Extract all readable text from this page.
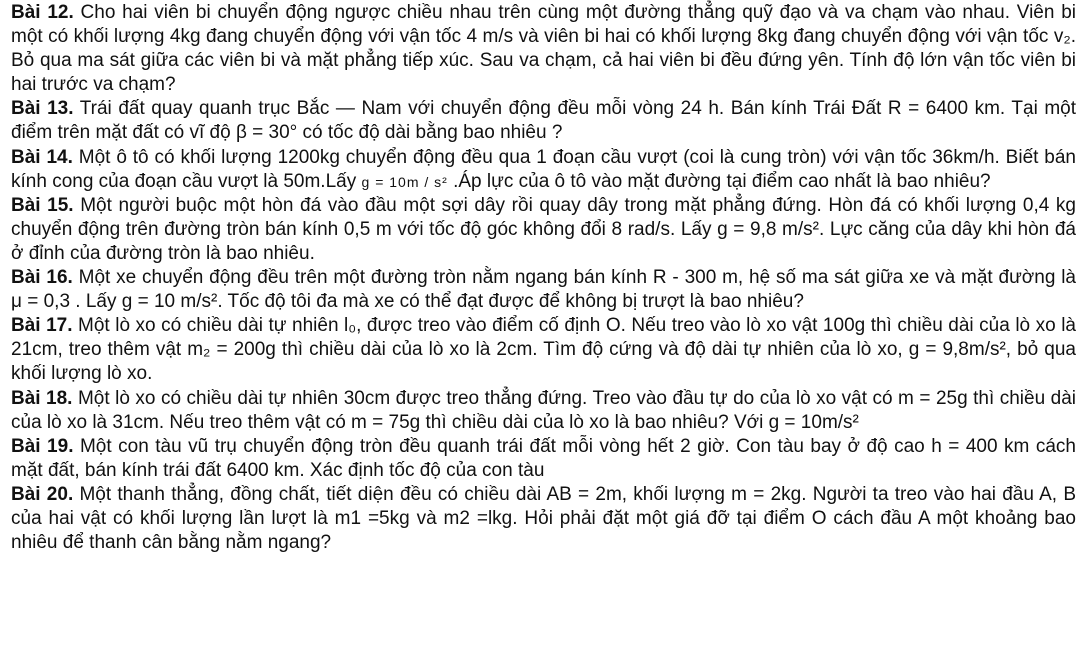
Bài 12. Cho hai viên bi chuyển động ngược chiều nhau trên cùng một đường thẳng quỹ đạo và va chạm vào nhau. Viên bi một có khối lượng 4kg đang chuyển động với vận tốc 4 m/s và viên bi hai có khối lượng 8kg đang chuyển động với vận tốc v₂. Bỏ qua ma sát giữa các viên bi và mặt phẳng tiếp xúc. Sau va chạm, cả hai viên bi đều đứng yên. Tính độ lớn vận tốc viên bi hai trước va chạm?

Bài 13. Trái đất quay quanh trục Bắc — Nam với chuyển động đều mỗi vòng 24 h. Bán kính Trái Đất R = 6400 km. Tại một điểm trên mặt đất có vĩ độ β = 30° có tốc độ dài bằng bao nhiêu ?

Bài 14. Một ô tô có khối lượng 1200kg chuyển động đều qua 1 đoạn cầu vượt (coi là cung tròn) với vận tốc 36km/h. Biết bán kính cong của đoạn cầu vượt là 50m.Lấy g = 10m / s² .Áp lực của ô tô vào mặt đường tại điểm cao nhất là bao nhiêu?

Bài 15. Một người buộc một hòn đá vào đầu một sợi dây rồi quay dây trong mặt phẳng đứng. Hòn đá có khối lượng 0,4 kg chuyển động trên đường tròn bán kính 0,5 m với tốc độ góc không đổi 8 rad/s. Lấy g = 9,8 m/s². Lực căng của dây khi hòn đá ở đỉnh của đường tròn là bao nhiêu.

Bài 16. Một xe chuyển động đều trên một đường tròn nằm ngang bán kính R - 300 m, hệ số ma sát giữa xe và mặt đường là μ = 0,3 . Lấy g = 10 m/s². Tốc độ tôi đa mà xe có thể đạt được để không bị trượt là bao nhiêu?

Bài 17. Một lò xo có chiều dài tự nhiên l₀, được treo vào điểm cố định O. Nếu treo vào lò xo vật 100g thì chiều dài của lò xo là 21cm, treo thêm vật m₂ = 200g thì chiều dài của lò xo là 2cm. Tìm độ cứng và độ dài tự nhiên của lò xo, g = 9,8m/s², bỏ qua khối lượng lò xo.

Bài 18. Một lò xo có chiều dài tự nhiên 30cm được treo thẳng đứng. Treo vào đầu tự do của lò xo vật có m = 25g thì chiều dài của lò xo là 31cm. Nếu treo thêm vật có m = 75g thì chiều dài của lò xo là bao nhiêu? Với g = 10m/s²

Bài 19. Một con tàu vũ trụ chuyển động tròn đều quanh trái đất mỗi vòng hết 2 giờ. Con tàu bay ở độ cao h = 400 km cách mặt đất, bán kính trái đất 6400 km. Xác định tốc độ của con tàu

Bài 20. Một thanh thẳng, đồng chất, tiết diện đều có chiều dài AB = 2m, khối lượng m = 2kg. Người ta treo vào hai đầu A, B của hai vật có khối lượng lần lượt là m1 =5kg và m2 =lkg. Hỏi phải đặt một giá đỡ tại điểm O cách đầu A một khoảng bao nhiêu để thanh cân bằng nằm ngang?
